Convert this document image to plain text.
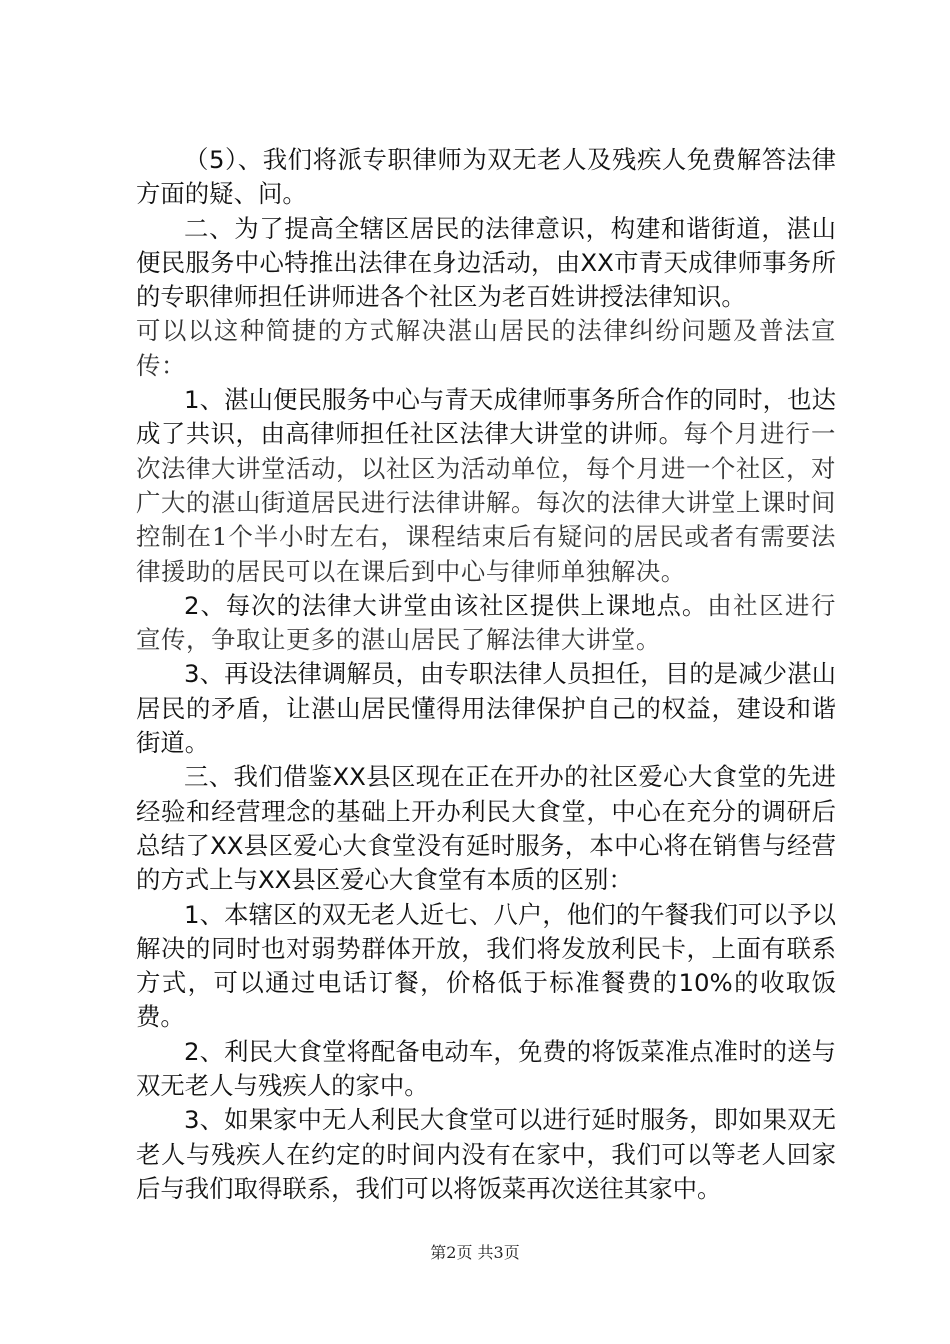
（5）、我们将派专职律师为双无老人及残疾人免费解答法律方面的疑、问。

二、为了提高全辖区居民的法律意识，构建和谐街道，湛山便民服务中心特推出法律在身边活动，由XX市青天成律师事务所的专职律师担任讲师进各个社区为老百姓讲授法律知识。

可以以这种简捷的方式解决湛山居民的法律纠纷问题及普法宣传：

1、湛山便民服务中心与青天成律师事务所合作的同时，也达成了共识，由高律师担任社区法律大讲堂的讲师。每个月进行一次法律大讲堂活动，以社区为活动单位，每个月进一个社区，对广大的湛山街道居民进行法律讲解。每次的法律大讲堂上课时间控制在1个半小时左右，课程结束后有疑问的居民或者有需要法律援助的居民可以在课后到中心与律师单独解决。

2、每次的法律大讲堂由该社区提供上课地点。由社区进行宣传，争取让更多的湛山居民了解法律大讲堂。

3、再设法律调解员，由专职法律人员担任，目的是减少湛山居民的矛盾，让湛山居民懂得用法律保护自己的权益，建设和谐街道。

三、我们借鉴XX县区现在正在开办的社区爱心大食堂的先进经验和经营理念的基础上开办利民大食堂，中心在充分的调研后总结了XX县区爱心大食堂没有延时服务，本中心将在销售与经营的方式上与XX县区爱心大食堂有本质的区别：

1、本辖区的双无老人近七、八户，他们的午餐我们可以予以解决的同时也对弱势群体开放，我们将发放利民卡，上面有联系方式，可以通过电话订餐，价格低于标准餐费的10%的收取饭费。

2、利民大食堂将配备电动车，免费的将饭菜准点准时的送与双无老人与残疾人的家中。

3、如果家中无人利民大食堂可以进行延时服务，即如果双无老人与残疾人在约定的时间内没有在家中，我们可以等老人回家后与我们取得联系，我们可以将饭菜再次送往其家中。

第2页 共3页
